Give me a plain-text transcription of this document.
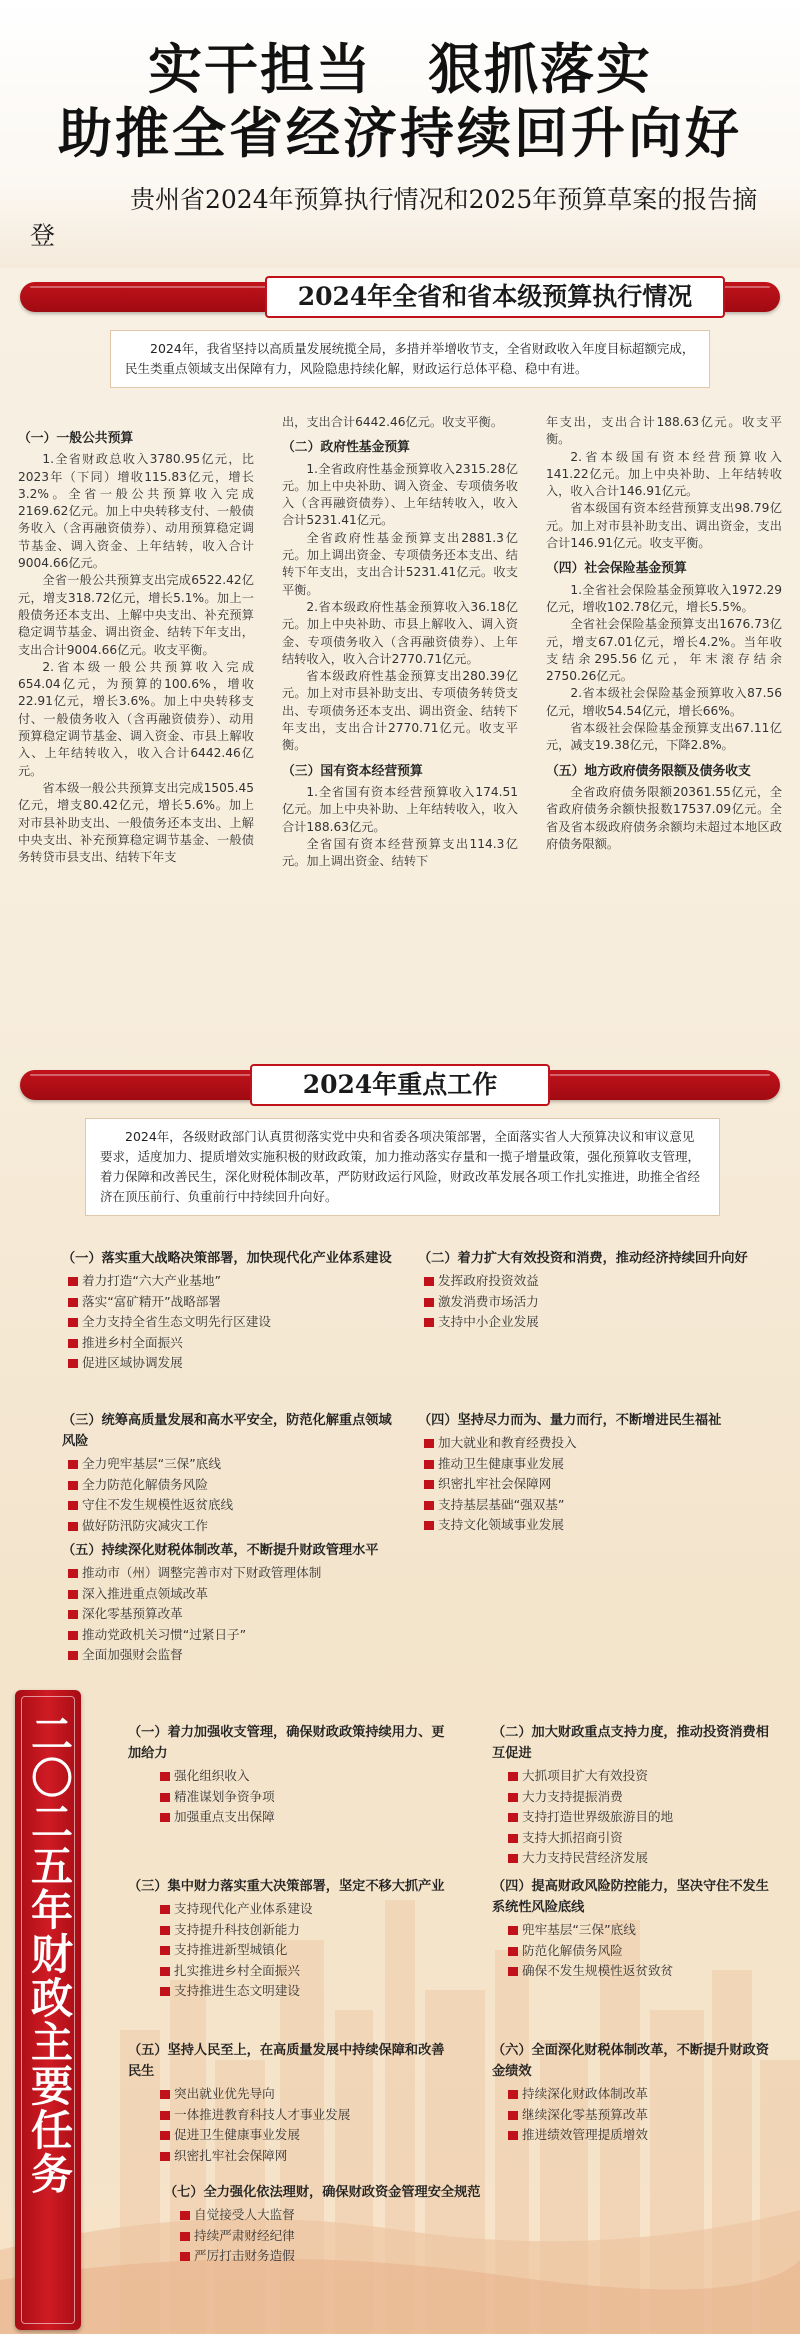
实干担当 狠抓落实
助推全省经济持续回升向好
贵州省2024年预算执行情况和2025年预算草案的报告摘登
2024年全省和省本级预算执行情况
2024年，我省坚持以高质量发展统揽全局，多措并举增收节支，全省财政收入年度目标超额完成，民生类重点领域支出保障有力，风险隐患持续化解，财政运行总体平稳、稳中有进。
（一）一般公共预算

1.全省财政总收入3780.95亿元，比2023年（下同）增收115.83亿元，增长3.2%。全省一般公共预算收入完成2169.62亿元。加上中央转移支付、一般债务收入（含再融资债券）、动用预算稳定调节基金、调入资金、上年结转，收入合计9004.66亿元。

全省一般公共预算支出完成6522.42亿元，增支318.72亿元，增长5.1%。加上一般债务还本支出、上解中央支出、补充预算稳定调节基金、调出资金、结转下年支出，支出合计9004.66亿元。收支平衡。

2.省本级一般公共预算收入完成654.04亿元，为预算的100.6%，增收22.91亿元，增长3.6%。加上中央转移支付、一般债务收入（含再融资债券）、动用预算稳定调节基金、调入资金、市县上解收入、上年结转收入，收入合计6442.46亿元。

省本级一般公共预算支出完成1505.45亿元，增支80.42亿元，增长5.6%。加上对市县补助支出、一般债务还本支出、上解中央支出、补充预算稳定调节基金、一般债务转贷市县支出、结转下年支

出，支出合计6442.46亿元。收支平衡。

（二）政府性基金预算

1.全省政府性基金预算收入2315.28亿元。加上中央补助、调入资金、专项债务收入（含再融资债券）、上年结转收入，收入合计5231.41亿元。

全省政府性基金预算支出2881.3亿元。加上调出资金、专项债务还本支出、结转下年支出，支出合计5231.41亿元。收支平衡。

2.省本级政府性基金预算收入36.18亿元。加上中央补助、市县上解收入、调入资金、专项债务收入（含再融资债券）、上年结转收入，收入合计2770.71亿元。

省本级政府性基金预算支出280.39亿元。加上对市县补助支出、专项债务转贷支出、专项债务还本支出、调出资金、结转下年支出，支出合计2770.71亿元。收支平衡。

（三）国有资本经营预算

1.全省国有资本经营预算收入174.51亿元。加上中央补助、上年结转收入，收入合计188.63亿元。

全省国有资本经营预算支出114.3亿元。加上调出资金、结转下

年支出，支出合计188.63亿元。收支平衡。

2.省本级国有资本经营预算收入141.22亿元。加上中央补助、上年结转收入，收入合计146.91亿元。

省本级国有资本经营预算支出98.79亿元。加上对市县补助支出、调出资金，支出合计146.91亿元。收支平衡。

（四）社会保险基金预算

1.全省社会保险基金预算收入1972.29亿元，增收102.78亿元，增长5.5%。

全省社会保险基金预算支出1676.73亿元，增支67.01亿元，增长4.2%。当年收支结余295.56亿元，年末滚存结余2750.26亿元。

2.省本级社会保险基金预算收入87.56亿元，增收54.54亿元，增长66%。

省本级社会保险基金预算支出67.11亿元，减支19.38亿元，下降2.8%。

（五）地方政府债务限额及债务收支

全省政府债务限额20361.55亿元，全省政府债务余额快报数17537.09亿元。全省及省本级政府债务余额均未超过本地区政府债务限额。

2024年重点工作
2024年，各级财政部门认真贯彻落实党中央和省委各项决策部署，全面落实省人大预算决议和审议意见要求，适度加力、提质增效实施积极的财政政策，加力推动落实存量和一揽子增量政策，强化预算收支管理，着力保障和改善民生，深化财税体制改革，严防财政运行风险，财政改革发展各项工作扎实推进，助推全省经济在顶压前行、负重前行中持续回升向好。
（一）落实重大战略决策部署，加快现代化产业体系建设
着力打造“六大产业基地”
落实“富矿精开”战略部署
全力支持全省生态文明先行区建设
推进乡村全面振兴
促进区域协调发展
（二）着力扩大有效投资和消费，推动经济持续回升向好
发挥政府投资效益
激发消费市场活力
支持中小企业发展
（三）统筹高质量发展和高水平安全，防范化解重点领域风险
全力兜牢基层“三保”底线
全力防范化解债务风险
守住不发生规模性返贫底线
做好防汛防灾减灾工作
（四）坚持尽力而为、量力而行，不断增进民生福祉
加大就业和教育经费投入
推动卫生健康事业发展
织密扎牢社会保障网
支持基层基础“强双基”
支持文化领域事业发展
（五）持续深化财税体制改革，不断提升财政管理水平
推动市（州）调整完善市对下财政管理体制
深入推进重点领域改革
深化零基预算改革
推动党政机关习惯“过紧日子”
全面加强财会监督
二〇二五年财政主要任务	（一）着力加强收支管理，确保财政政策持续用力、更加给力
强化组织收入
精准谋划争资争项
加强重点支出保障
（二）加大财政重点支持力度，推动投资消费相互促进
大抓项目扩大有效投资
大力支持提振消费
支持打造世界级旅游目的地
支持大抓招商引资
大力支持民营经济发展
（三）集中财力落实重大决策部署，坚定不移大抓产业
支持现代化产业体系建设
支持提升科技创新能力
支持推进新型城镇化
扎实推进乡村全面振兴
支持推进生态文明建设
（四）提高财政风险防控能力，坚决守住不发生系统性风险底线
兜牢基层“三保”底线
防范化解债务风险
确保不发生规模性返贫致贫
（五）坚持人民至上，在高质量发展中持续保障和改善民生
突出就业优先导向
一体推进教育科技人才事业发展
促进卫生健康事业发展
织密扎牢社会保障网
（六）全面深化财税体制改革，不断提升财政资金绩效
持续深化财政体制改革
继续深化零基预算改革
推进绩效管理提质增效
（七）全力强化依法理财，确保财政资金管理安全规范
自觉接受人大监督
持续严肃财经纪律
严厉打击财务造假
